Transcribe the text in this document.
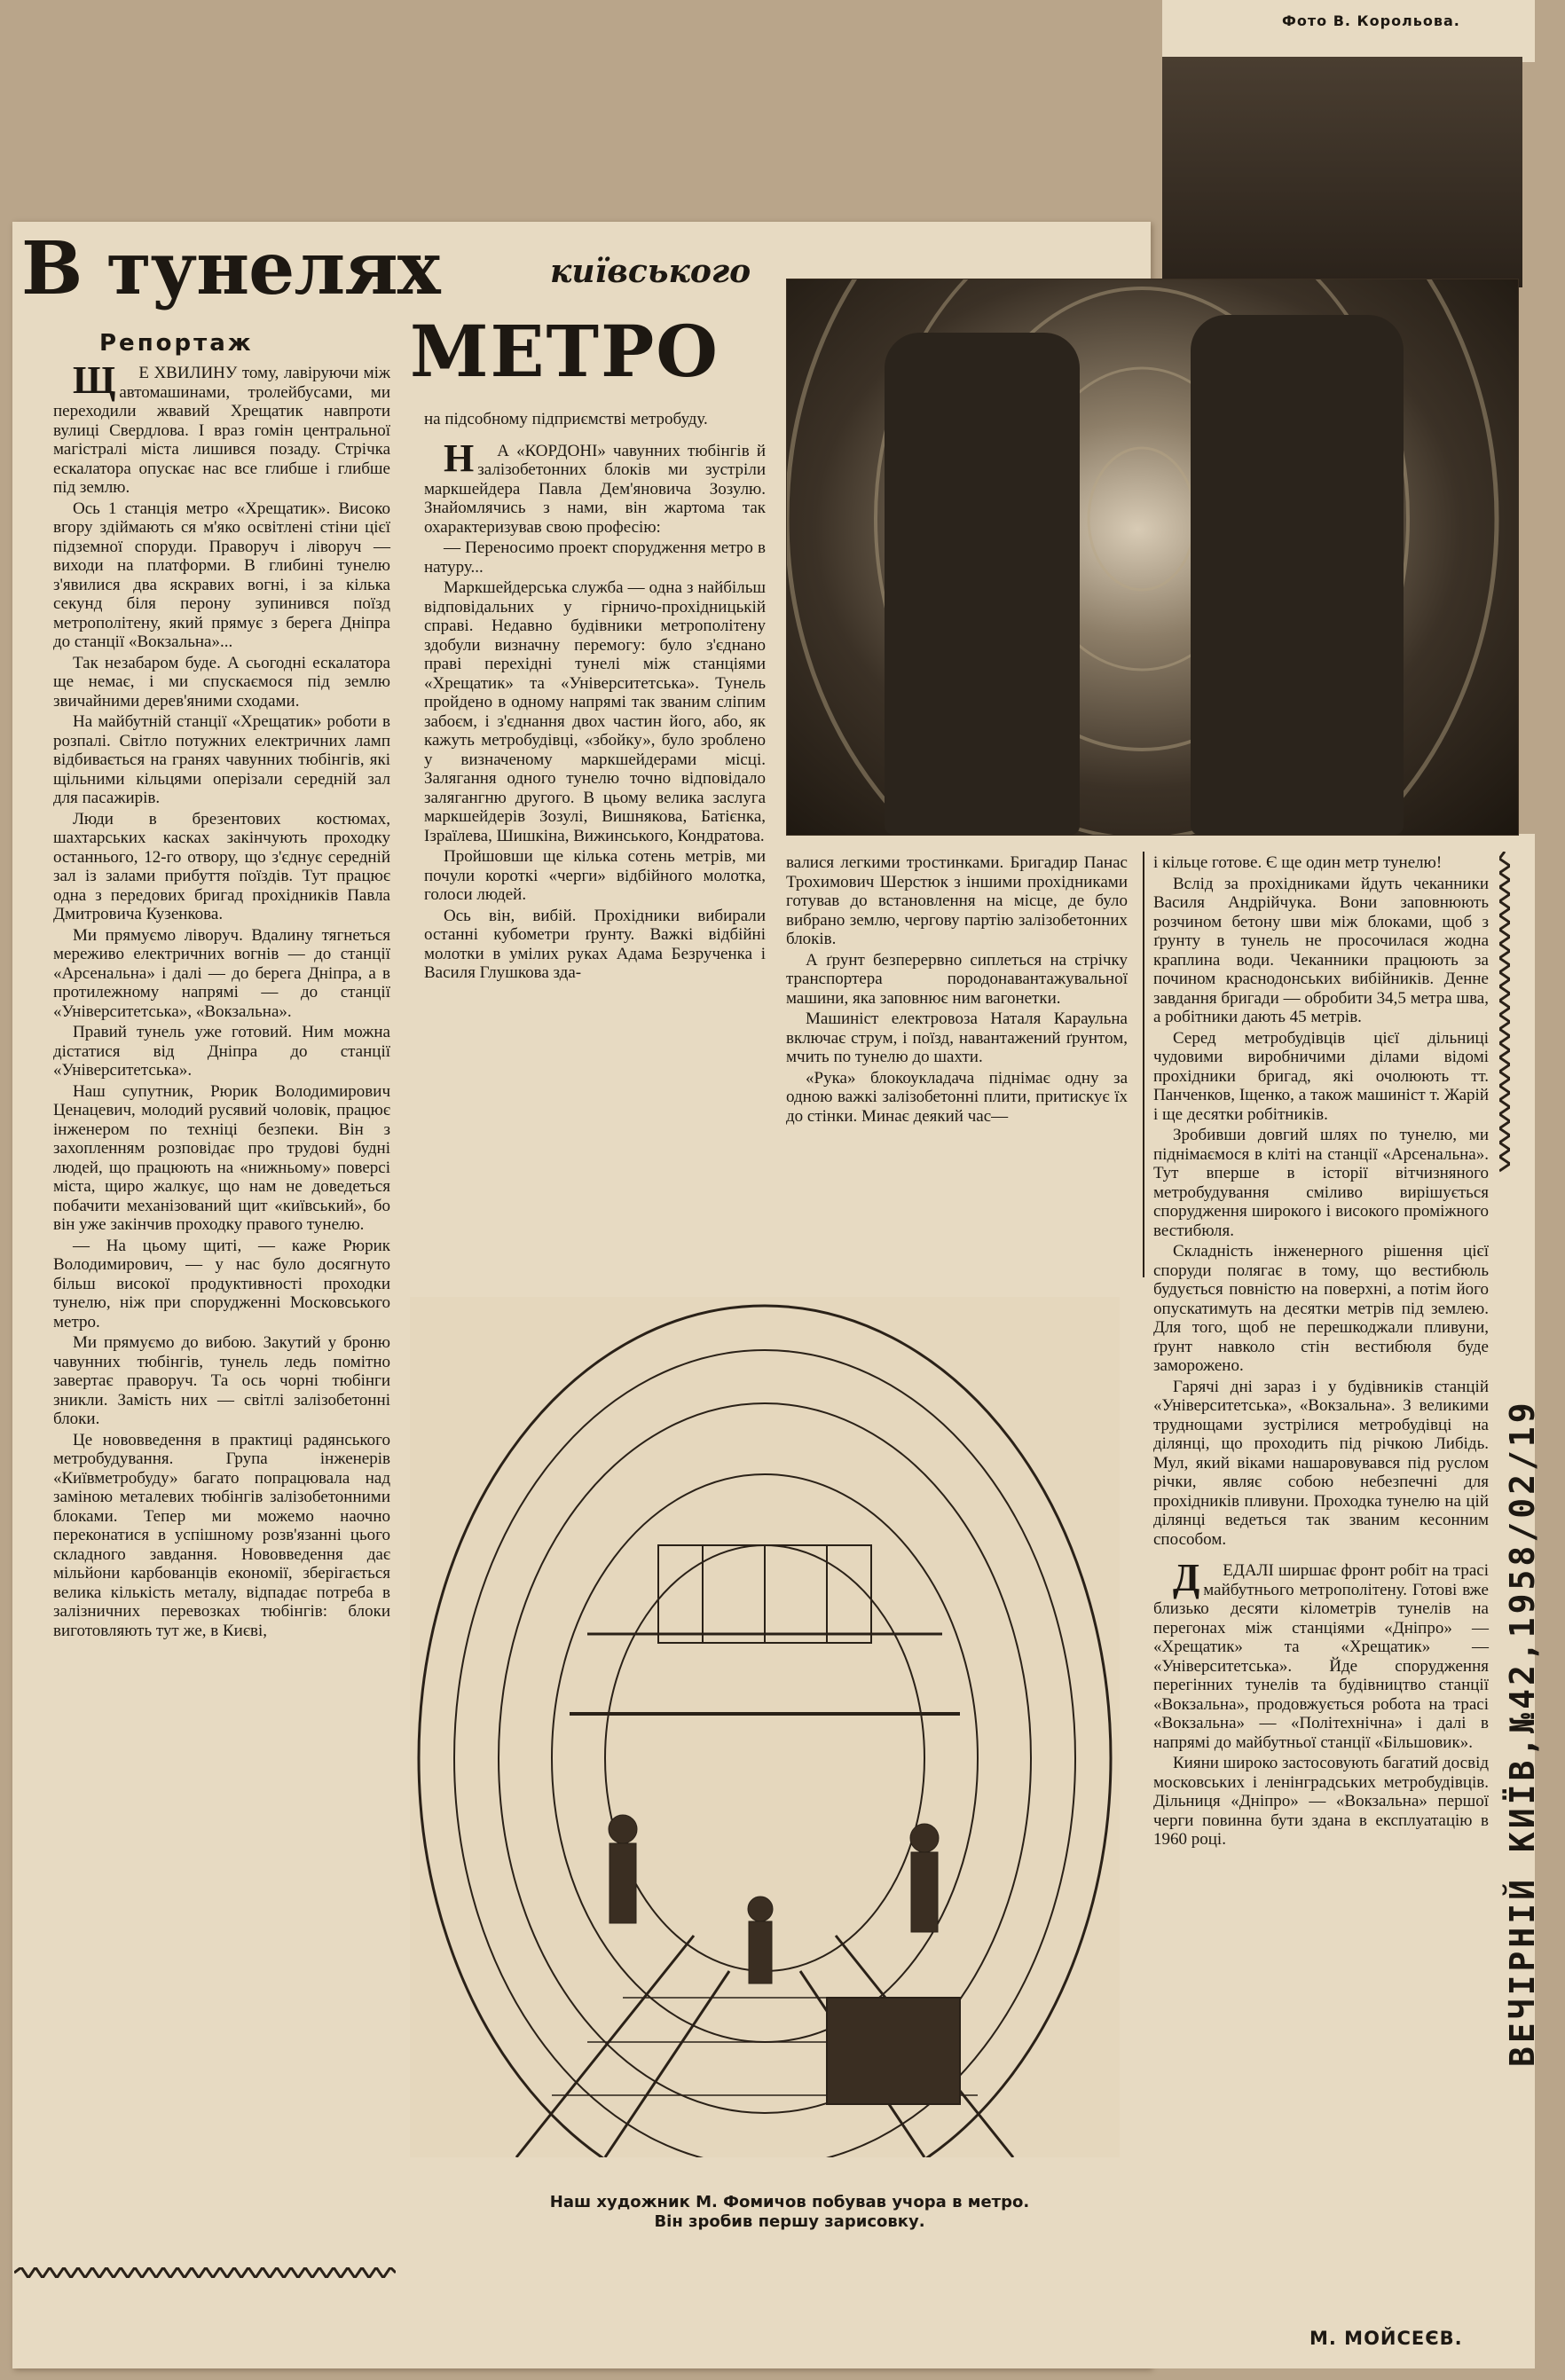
Фото В. Корольова.
В тунелях	київського
МЕТРО
Репортаж

ЩЕ ХВИЛИНУ тому, лавіруючи між автомашинами, тролейбусами, ми переходили жвавий Хрещатик навпроти вулиці Свердлова. І враз гомін центральної магістралі міста лишився позаду. Стрічка ескалатора опускає нас все глибше і глибше під землю.

Ось 1 станція метро «Хрещатик». Високо вгору здіймають ся м'яко освітлені стіни цієї підземної споруди. Праворуч і ліворуч — виходи на платформи. В глибині тунелю з'явилися два яскравих вогні, і за кілька секунд біля перону зупинився поїзд метрополітену, який прямує з берега Дніпра до станції «Вокзальна»...

Так незабаром буде. А сьогодні ескалатора ще немає, і ми спускаємося під землю звичайними дерев'яними сходами.

На майбутній станції «Хрещатик» роботи в розпалі. Світло потужних електричних ламп відбивається на гранях чавунних тюбінгів, які щільними кільцями оперізали середній зал для пасажирів.

Люди в брезентових костюмах, шахтарських касках закінчують проходку останнього, 12-го отвору, що з'єднує середній зал із залами прибуття поїздів. Тут працює одна з передових бригад прохідників Павла Дмитровича Кузенкова.

Ми прямуємо ліворуч. Вдалину тягнеться мереживо електричних вогнів — до станції «Арсенальна» і далі — до берега Дніпра, а в протилежному напрямі — до станції «Університетська», «Вокзальна».

Правий тунель уже готовий. Ним можна дістатися від Дніпра до станції «Університетська».

Наш супутник, Рюрик Володимирович Ценацевич, молодий русявий чоловік, працює інженером по техніці безпеки. Він з захопленням розповідає про трудові будні людей, що працюють на «нижньому» поверсі міста, щиро жалкує, що нам не доведеться побачити механізований щит «київський», бо він уже закінчив проходку правого тунелю.

— На цьому щиті, — каже Рюрик Володимирович, — у нас було досягнуто більш високої продуктивності проходки тунелю, ніж при спорудженні Московського метро.

Ми прямуємо до вибою. Закутий у броню чавунних тюбінгів, тунель ледь помітно завертає праворуч. Та ось чорні тюбінги зникли. Замість них — світлі залізобетонні блоки.

Це нововведення в практиці радянського метробудування. Група інженерів «Київметробуду» багато попрацювала над заміною металевих тюбінгів залізобетонними блоками. Тепер ми можемо наочно переконатися в успішному розв'язанні цього складного завдання. Нововведення дає мільйони карбованців економії, зберігається велика кількість металу, відпадає потреба в залізничних перевозках тюбінгів: блоки виготовляють тут же, в Києві,

на підсобному підприємстві метробуду.

НА «КОРДОНІ» чавунних тюбінгів й залізобетонних блоків ми зустріли маркшейдера Павла Дем'яновича Зозулю. Знайомлячись з нами, він жартома так охарактеризував свою професію:

— Переносимо проект спорудження метро в натуру...

Маркшейдерська служба — одна з найбільш відповідальних у гірничо-прохідницькій справі. Недавно будівники метрополітену здобули визначну перемогу: було з'єднано праві перехідні тунелі між станціями «Хрещатик» та «Університетська». Тунель пройдено в одному напрямі так званим сліпим забоєм, і з'єднання двох частин його, або, як кажуть метробудівці, «збойку», було зроблено у визначеному маркшейдерами місці. Залягання одного тунелю точно відповідало залягангню другого. В цьому велика заслуга маркшейдерів Зозулі, Вишнякова, Батієнка, Ізраїлева, Шишкіна, Вижинського, Кондратова.

Пройшовши ще кілька сотень метрів, ми почули короткі «черги» відбійного молотка, голоси людей.

Ось він, вибій. Прохідники вибирали останні кубометри ґрунту. Важкі відбійні молотки в умілих руках Адама Безрученка і Василя Глушкова зда-

валися легкими тростинками. Бригадир Панас Трохимович Шерстюк з іншими прохідниками готував до встановлення на місце, де було вибрано землю, чергову партію залізобетонних блоків.

А ґрунт безперервно сиплеться на стрічку транспортера породонавантажувальної машини, яка заповнює ним вагонетки.

Машиніст електровоза Наталя Караульна включає струм, і поїзд, навантажений ґрунтом, мчить по тунелю до шахти.

«Рука» блокоукладача піднімає одну за одною важкі залізобетонні плити, притискує їх до стінки. Минає деякий час—

і кільце готове. Є ще один метр тунелю!

Вслід за прохідниками йдуть чеканники Василя Андрійчука. Вони заповнюють розчином бетону шви між блоками, щоб з ґрунту в тунель не просочилася жодна краплина води. Чеканники працюють за почином краснодонських вибійників. Денне завдання бригади — обробити 34,5 метра шва, а робітники дають 45 метрів.

Серед метробудівців цієї дільниці чудовими виробничими ділами відомі прохідники бригад, які очолюють тт. Панченков, Іщенко, а також машиніст т. Жарій і ще десятки робітників.

Зробивши довгий шлях по тунелю, ми піднімаємося в кліті на станції «Арсенальна». Тут вперше в історії вітчизняного метробудування сміливо вирішується спорудження широкого і високого проміжного вестибюля.

Складність інженерного рішення цієї споруди полягає в тому, що вестибюль будується повністю на поверхні, а потім його опускатимуть на десятки метрів під землею. Для того, щоб не перешкоджали пливуни, ґрунт навколо стін вестибюля буде заморожено.

Гарячі дні зараз і у будівників станцій «Університетська», «Вокзальна». З великими труднощами зустрілися метробудівці на ділянці, що проходить під річкою Либідь. Мул, який віками нашаровувався під руслом річки, являє собою небезпечні для прохідників пливуни. Проходка тунелю на цій ділянці ведеться так званим кесонним способом.

ДЕДАЛІ ширшає фронт робіт на трасі майбутнього метрополітену. Готові вже близько десяти кілометрів тунелів на перегонах між станціями «Дніпро» — «Хрещатик» та «Хрещатик» — «Університетська». Йде спорудження перегінних тунелів та будівництво станції «Вокзальна», продовжується робота на трасі «Вокзальна» — «Політехнічна» і далі в напрямі до майбутньої станції «Більшовик».

Кияни широко застосовують багатий досвід московських і ленінградських метробудівців. Дільниця «Дніпро» — «Вокзальна» першої черги повинна бути здана в експлуатацію в 1960 році.

М. МОЙСЕЄВ.
Наш художник М. Фомичов побував учора в метро.
Він зробив першу зарисовку.
ВЕЧІРНІЙ КИЇВ,№42,1958/02/19
